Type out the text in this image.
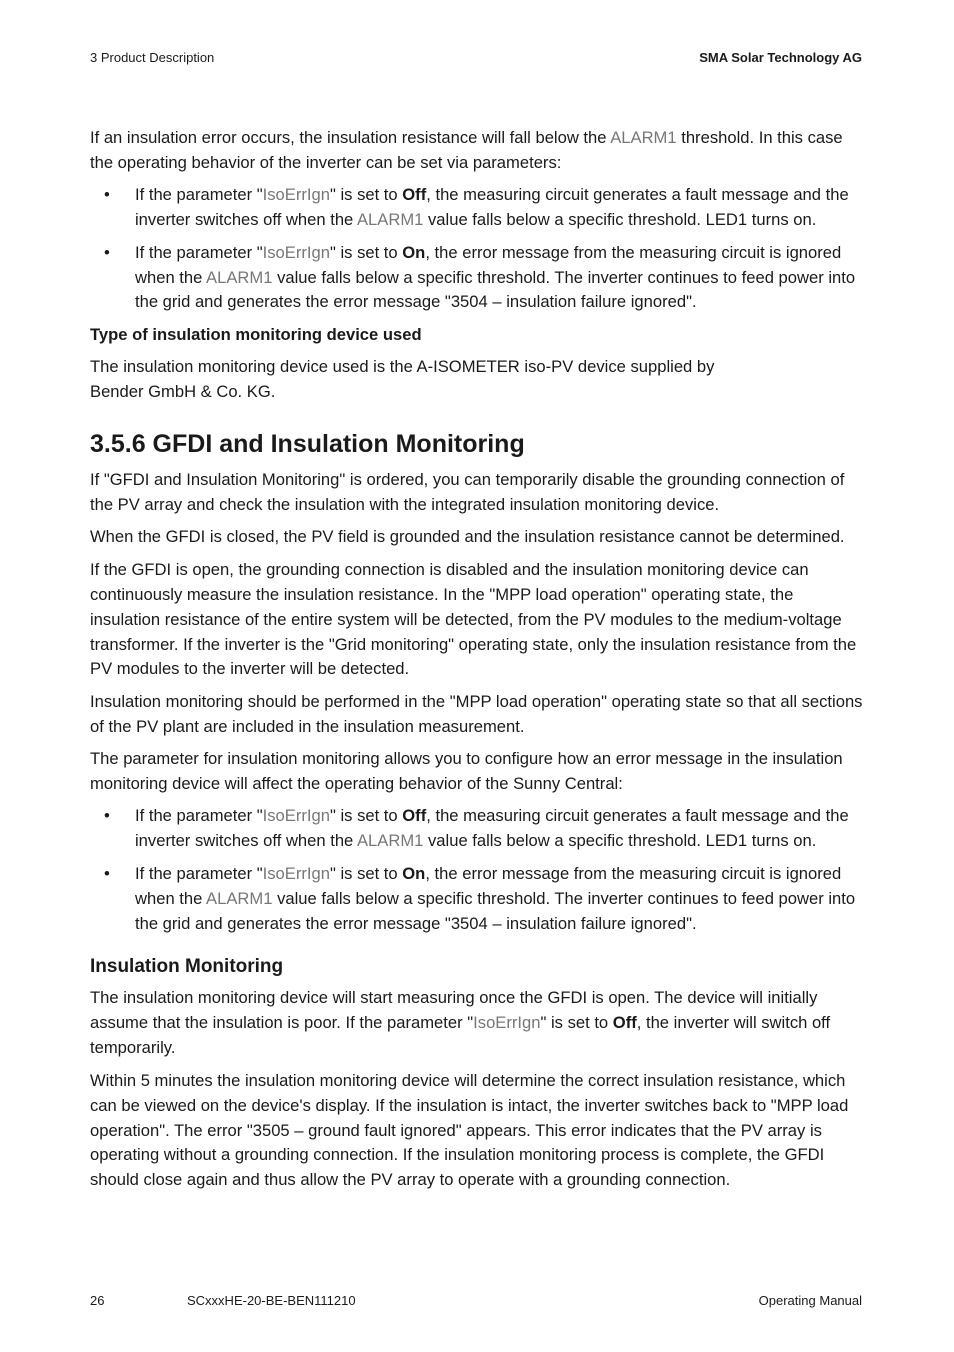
3 Product Description	SMA Solar Technology AG

If an insulation error occurs, the insulation resistance will fall below the ALARM1 threshold. In this case the operating behavior of the inverter can be set via parameters:

• If the parameter "IsoErrIgn" is set to Off, the measuring circuit generates a fault message and the inverter switches off when the ALARM1 value falls below a specific threshold. LED1 turns on.
• If the parameter "IsoErrIgn" is set to On, the error message from the measuring circuit is ignored when the ALARM1 value falls below a specific threshold. The inverter continues to feed power into the grid and generates the error message "3504 – insulation failure ignored".
Type of insulation monitoring device used

The insulation monitoring device used is the A-ISOMETER iso-PV device supplied by Bender GmbH & Co. KG.

3.5.6 GFDI and Insulation Monitoring

If "GFDI and Insulation Monitoring" is ordered, you can temporarily disable the grounding connection of the PV array and check the insulation with the integrated insulation monitoring device.

When the GFDI is closed, the PV field is grounded and the insulation resistance cannot be determined.

If the GFDI is open, the grounding connection is disabled and the insulation monitoring device can continuously measure the insulation resistance. In the "MPP load operation" operating state, the insulation resistance of the entire system will be detected, from the PV modules to the medium-voltage transformer. If the inverter is the "Grid monitoring" operating state, only the insulation resistance from the PV modules to the inverter will be detected.

Insulation monitoring should be performed in the "MPP load operation" operating state so that all sections of the PV plant are included in the insulation measurement.

The parameter for insulation monitoring allows you to configure how an error message in the insulation monitoring device will affect the operating behavior of the Sunny Central:

• If the parameter "IsoErrIgn" is set to Off, the measuring circuit generates a fault message and the inverter switches off when the ALARM1 value falls below a specific threshold. LED1 turns on.
• If the parameter "IsoErrIgn" is set to On, the error message from the measuring circuit is ignored when the ALARM1 value falls below a specific threshold. The inverter continues to feed power into the grid and generates the error message "3504 – insulation failure ignored".
Insulation Monitoring

The insulation monitoring device will start measuring once the GFDI is open. The device will initially assume that the insulation is poor. If the parameter "IsoErrIgn" is set to Off, the inverter will switch off temporarily.

Within 5 minutes the insulation monitoring device will determine the correct insulation resistance, which can be viewed on the device's display. If the insulation is intact, the inverter switches back to "MPP load operation". The error "3505 – ground fault ignored" appears. This error indicates that the PV array is operating without a grounding connection. If the insulation monitoring process is complete, the GFDI should close again and thus allow the PV array to operate with a grounding connection.

26	SCxxxHE-20-BE-BEN111210	Operating Manual
